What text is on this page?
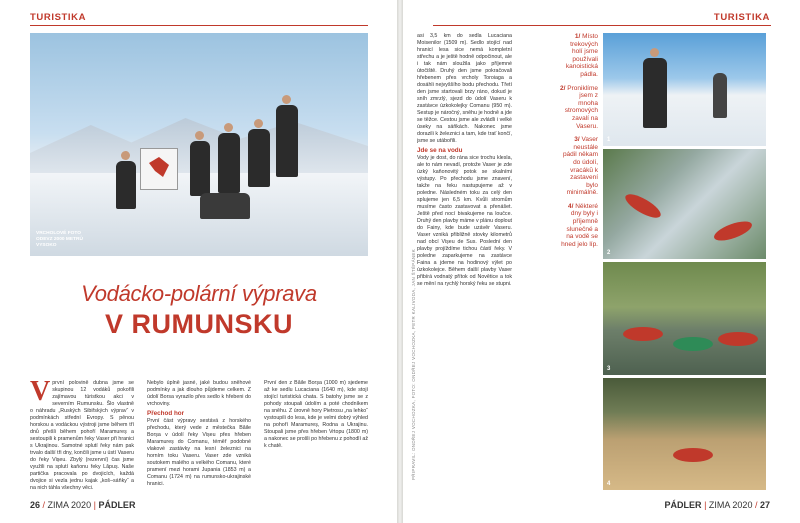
TURISTIKA
VRCHOLOVÉ FOTO ODEVZ 2000 METRŮ VYSOKO
Vodácko-polární výprava
V RUMUNSKU
V první polovině dubna jsme se skupinou 12 vodáků pokořili zajímavou túristkou akci v severním Rumunsku. Šlo vlastně o náhradu „Ruských Sibiřských výprav“ v podmínkách střední Evropy. S pěnou horskou a vodáckou výstroji jsme během tří dnů přešli během pohoří Maramureș a sestoupili k pramenům řeky Vaser při hranici s Ukrajinou. Samotné splutí řeky nám pak trvalo další tři dny, končili jsme u ústí Vaseru do řeky Vișeu. Zbylý (rezervní) čas jsme využili na splutí kaňonu řeky Lăpuș. Naše partička pracovala po dvojicích, každá dvojice si vezla jednu kajak „koš–sáňky“ a na nich táhla všechny věci.
Nebylo úplně jasné, jaké budou sněhové podmínky a jak dlouho půjdeme celkem. Z údolí Borsa vyrazilo přes sedlo k hřebeni do vrchoviny.
Přechod hor
První část výpravy sestává z horského přechodu, který vede z městečka Băile Borșa v údolí řeky Vișeu přes hřeben Maramureș do Comanu, téměř podobné vlakové zastávky na lesní železnici na horním toku Vaseru. Vaser zde vzniká soutokem malého a velkého Comanu, které pramení mezi horami Jupania (1853 m) a Comanu (1724 m) na rumunsko-ukrajinské hranici.
První den z Băile Borșa (1000 m) sjedeme až ke sedlu Lucaciana (1640 m), kde stojí stojící turistická chata. S batohy jsme se z pohody stoupali údolím a poté chodníkem na sněhu. Z úrovně hory Pietrosu „na lehko“ vystoupili do lesa, kde je velmi dobrý výhled na pohoří Maramureș, Rodna a Ukrajinu. Stoupali jsme přes hřeben Vrtopu (1800 m) a nakonec se prošli po hřebenu z pohodlí až k chatě.
26 / ZIMA 2020 | PÁDLER
TURISTIKA
PŘIPRAVIL: ONDŘEJ VOCHOZKA, FOTO: ONDŘEJ VOCHOZKA, PETR KALIVODA, JAN ŠTĚPÁNEK
asi 3,5 km do sedla Lucaciana Moisenilor (1509 m). Sedlo stojící nad hranicí lesa sice nemá kompletní střechu a je ještě hodně odpočinout, ale i tak nám sloužila jako příjemné útočiště. Druhý den jsme pokračovali hřebenem přes vrcholy Toroiaga a dosáhli nejvyššího bodu přechodu. Třetí den jsme startovali brzy ráno, dokud je sníh zmrzlý, sjezd do údolí Vaseru k zastávce úzkokolejky Comanu (950 m). Sestup je náročný, sněhu je hodně a jde se těžce. Cestou jsme ale zvládli i velké úseky na sáňkách. Nakonec jsme dorazili k železnici a tam, kde trať končí, jsme se utábořili.
Jde se na vodu
Vody je dost, do rána sice trochu klesla, ale to nám nevadí, protože Vaser je zde úzký kaňonovitý potok se skalními výstupy. Po přechodu jsme znavení, takže na řeku nastupujeme až v poledne. Následném toku za celý den splujeme jen 6,5 km. Kvůli stromům musíme často zastavovat a přenášet. Ještě před nocí bivakujeme na loučce. Druhý den plavby máme v plánu doplout do Fainy, kde bude uzávěr Vaseru. Vaser vzniká přibližně stovky kilometrů nad obcí Vișeu de Sus. Poslední den plavby projíždíme tichou částí řeky. V poledne zaparkujeme na zastávce Faina a jdeme na hodinový výlet po úzkokolejce. Během další plavby Vaser přibírá vodnatý přítok od Novětice a tok se mění na rychlý horský řeku se stupni.
1/ Místo trekových holí jsme používali kanoistická pádla.
2/ Proniklíme jsem z mnoha stromových zavalí na Vaseru.
3/ Vaser neustále pádil někam do údolí, vracákŭ k zastavení bylo minimálně.
4/ Některé dny byly i příjemně slunečné a na vodě se hned jelo líp.
1
2
3
4
PÁDLER | ZIMA 2020 / 27
